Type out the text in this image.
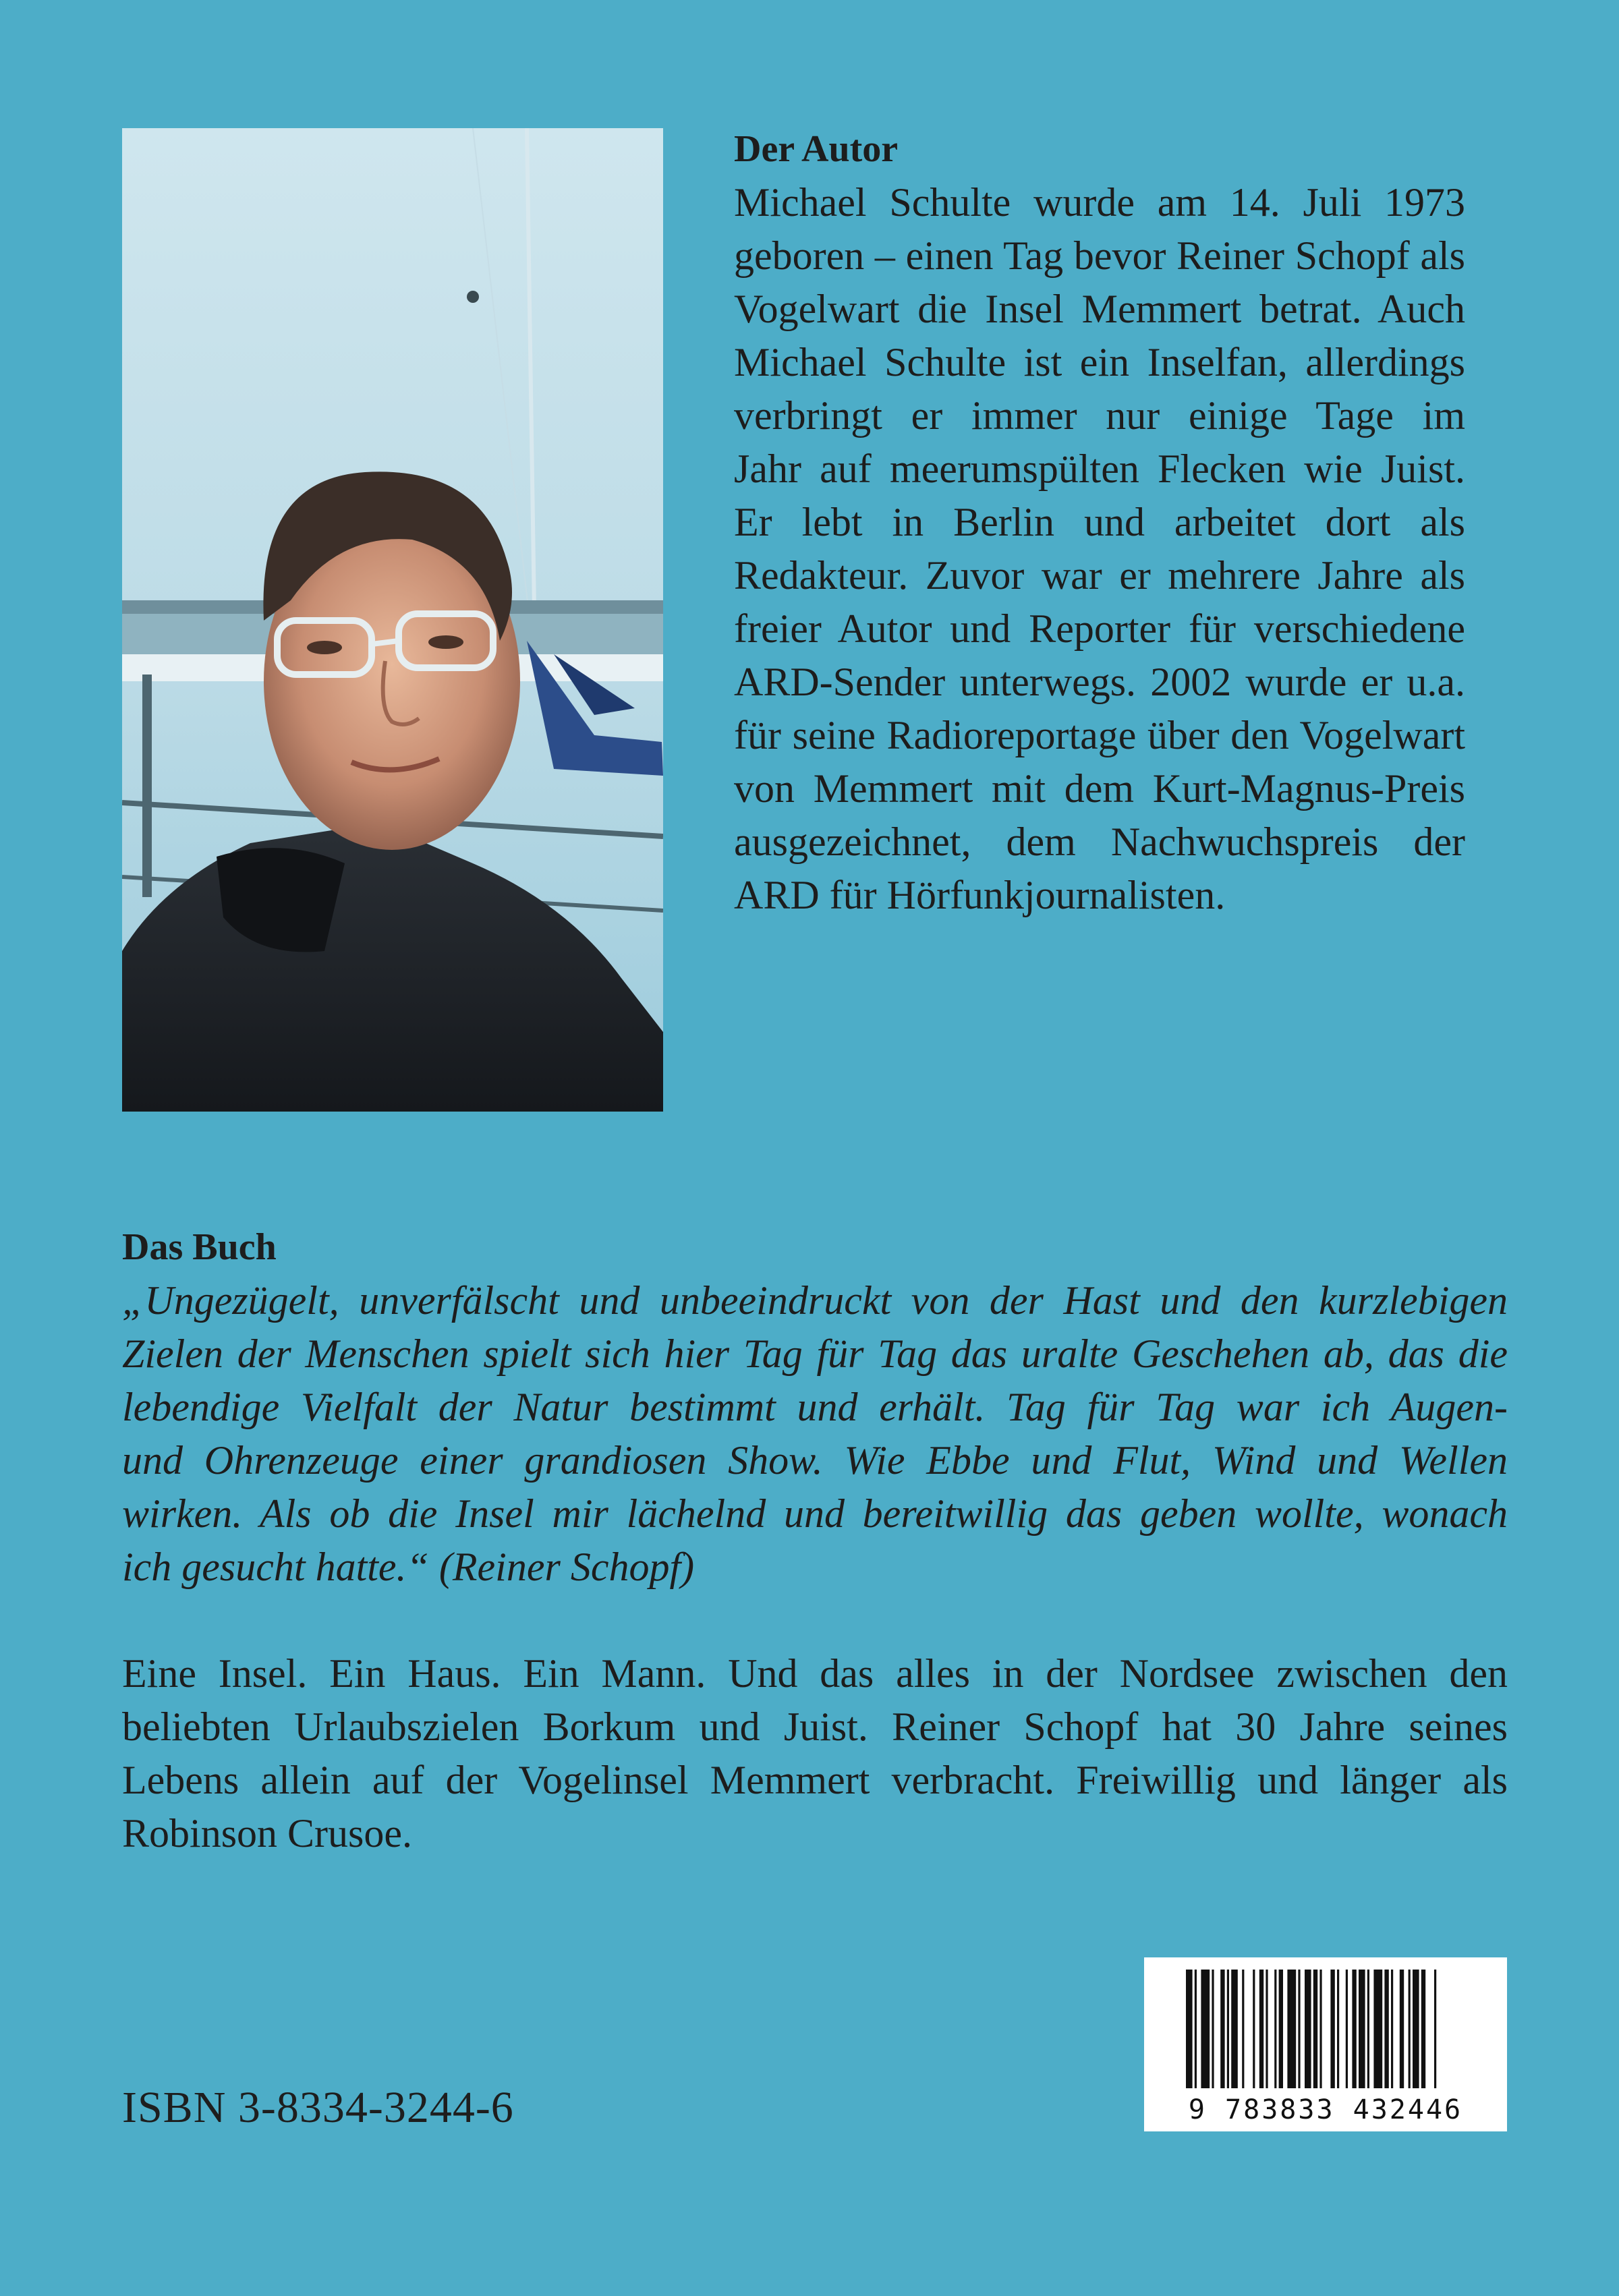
Der Autor

Michael Schulte wurde am 14. Juli 1973
geboren – einen Tag bevor Reiner Schopf als
Vogelwart die Insel Memmert betrat. Auch
Michael Schulte ist ein Inselfan, allerdings
verbringt er immer nur einige Tage im
Jahr auf meerumspülten Flecken wie Juist.
Er lebt in Berlin und arbeitet dort als
Redakteur. Zuvor war er mehrere Jahre als
freier Autor und Reporter für verschiedene
ARD-Sender unterwegs. 2002 wurde er u.a.
für seine Radioreportage über den Vogelwart
von Memmert mit dem Kurt-Magnus-Preis
ausgezeichnet, dem Nachwuchspreis der
ARD für Hörfunkjournalisten.

Das Buch

„Ungezügelt, unverfälscht und unbeeindruckt von der Hast und den kurzlebigen
Zielen der Menschen spielt sich hier Tag für Tag das uralte Geschehen ab, das die
lebendige Vielfalt der Natur bestimmt und erhält. Tag für Tag war ich Augen-
und Ohrenzeuge einer grandiosen Show. Wie Ebbe und Flut, Wind und Wellen
wirken. Als ob die Insel mir lächelnd und bereitwillig das geben wollte, wonach
ich gesucht hatte.“ (Reiner Schopf)

Eine Insel. Ein Haus. Ein Mann. Und das alles in der Nordsee zwischen den
beliebten Urlaubszielen Borkum und Juist. Reiner Schopf hat 30 Jahre seines
Lebens allein auf der Vogelinsel Memmert verbracht. Freiwillig und länger als
Robinson Crusoe.

ISBN 3-8334-3244-6	9 783833 432446
